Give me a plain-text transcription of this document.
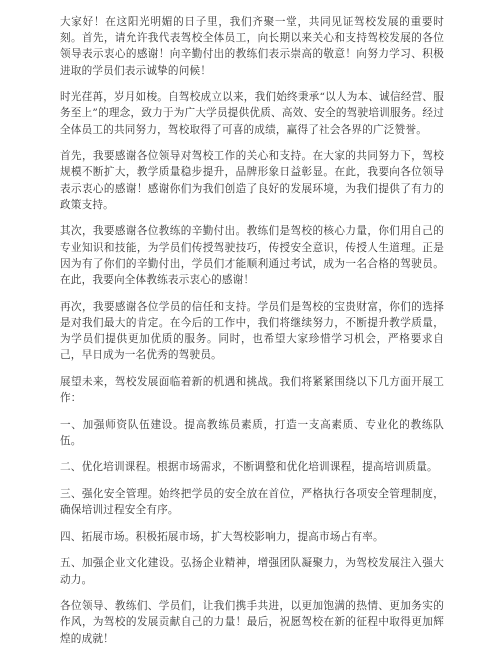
大家好！在这阳光明媚的日子里，我们齐聚一堂，共同见证驾校发展的重要时刻。首先，请允许我代表驾校全体员工，向长期以来关心和支持驾校发展的各位领导表示衷心的感谢！向辛勤付出的教练们表示崇高的敬意！向努力学习、积极进取的学员们表示诚挚的问候！

时光荏苒，岁月如梭。自驾校成立以来，我们始终秉承“以人为本、诚信经营、服务至上”的理念，致力于为广大学员提供优质、高效、安全的驾驶培训服务。经过全体员工的共同努力，驾校取得了可喜的成绩，赢得了社会各界的广泛赞誉。

首先，我要感谢各位领导对驾校工作的关心和支持。在大家的共同努力下，驾校规模不断扩大，教学质量稳步提升，品牌形象日益彰显。在此，我要向各位领导表示衷心的感谢！感谢你们为我们创造了良好的发展环境，为我们提供了有力的政策支持。

其次，我要感谢各位教练的辛勤付出。教练们是驾校的核心力量，你们用自己的专业知识和技能，为学员们传授驾驶技巧，传授安全意识，传授人生道理。正是因为有了你们的辛勤付出，学员们才能顺利通过考试，成为一名合格的驾驶员。在此，我要向全体教练表示衷心的感谢！

再次，我要感谢各位学员的信任和支持。学员们是驾校的宝贵财富，你们的选择是对我们最大的肯定。在今后的工作中，我们将继续努力，不断提升教学质量，为学员们提供更加优质的服务。同时，也希望大家珍惜学习机会，严格要求自己，早日成为一名优秀的驾驶员。

展望未来，驾校发展面临着新的机遇和挑战。我们将紧紧围绕以下几方面开展工作：

一、加强师资队伍建设。提高教练员素质，打造一支高素质、专业化的教练队伍。

二、优化培训课程。根据市场需求，不断调整和优化培训课程，提高培训质量。

三、强化安全管理。始终把学员的安全放在首位，严格执行各项安全管理制度，确保培训过程安全有序。

四、拓展市场。积极拓展市场，扩大驾校影响力，提高市场占有率。

五、加强企业文化建设。弘扬企业精神，增强团队凝聚力，为驾校发展注入强大动力。

各位领导、教练们、学员们，让我们携手共进，以更加饱满的热情、更加务实的作风，为驾校的发展贡献自己的力量！最后，祝愿驾校在新的征程中取得更加辉煌的成就！
